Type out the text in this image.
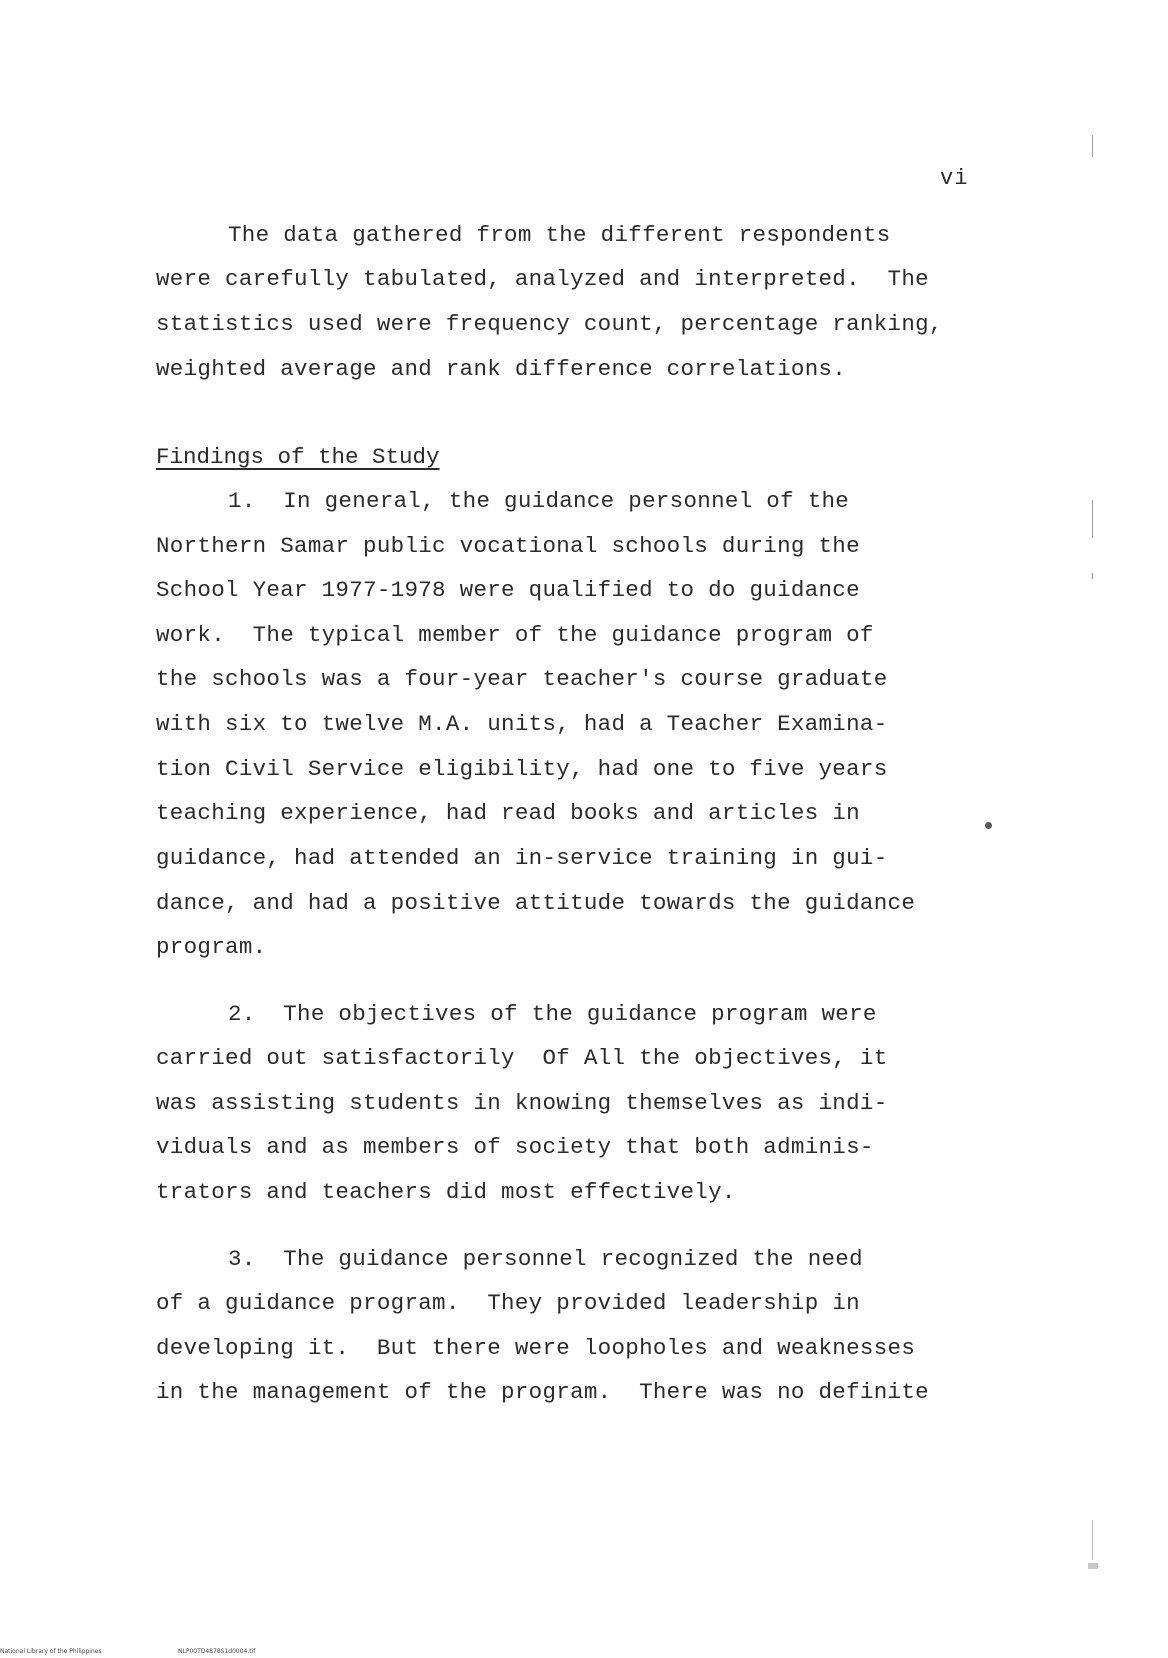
vi
The data gathered from the different respondents
were carefully tabulated, analyzed and interpreted.  The
statistics used were frequency count, percentage ranking,
weighted average and rank difference correlations.
Findings of the Study
1.  In general, the guidance personnel of the
Northern Samar public vocational schools during the
School Year 1977-1978 were qualified to do guidance
work.  The typical member of the guidance program of
the schools was a four-year teacher's course graduate
with six to twelve M.A. units, had a Teacher Examina-
tion Civil Service eligibility, had one to five years
teaching experience, had read books and articles in
guidance, had attended an in-service training in gui-
dance, and had a positive attitude towards the guidance
program.
2.  The objectives of the guidance program were
carried out satisfactorily  Of All the objectives, it
was assisting students in knowing themselves as indi-
viduals and as members of society that both adminis-
trators and teachers did most effectively.
3.  The guidance personnel recognized the need
of a guidance program.  They provided leadership in
developing it.  But there were loopholes and weaknesses
in the management of the program.  There was no definite
National Library of the Philippines	NLP00TD4878S1d0004.tif
